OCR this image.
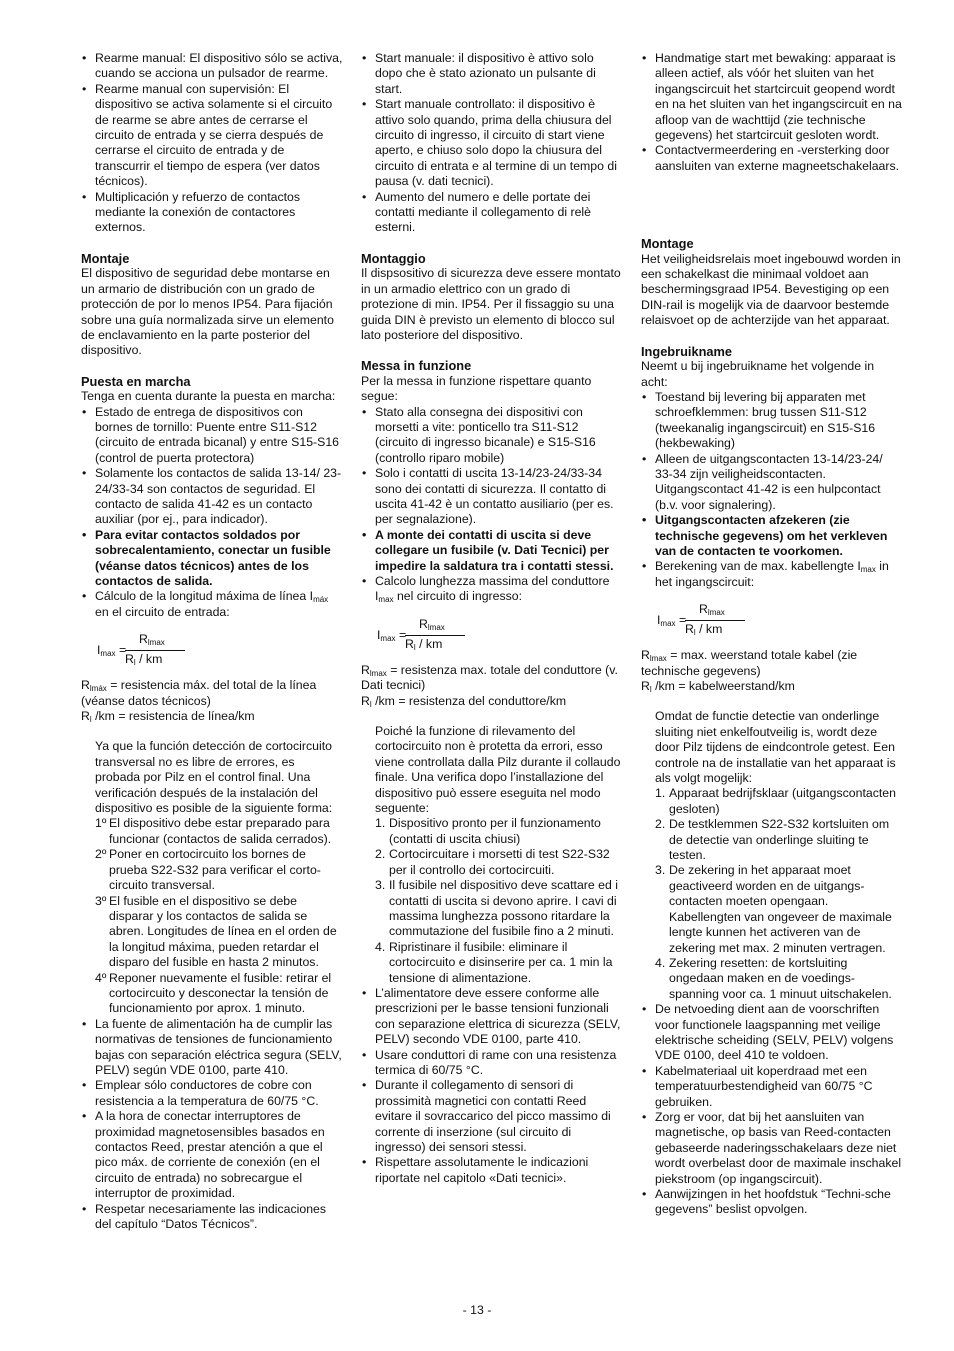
• Rearme manual: El dispositivo sólo se activa, cuando se acciona un pulsador de rearme.
• Rearme manual con supervisión: El dispositivo se activa solamente si el circuito de rearme se abre antes de cerrarse el circuito de entrada y se cierra después de cerrarse el circuito de entrada y de transcurrir el tiempo de espera (ver datos técnicos).
• Multiplicación y refuerzo de contactos mediante la conexión de contactores externos.
Montaje

El dispositivo de seguridad debe montarse en un armario de distribución con un grado de protección de por lo menos IP54. Para fijación sobre una guía normalizada sirve un elemento de enclavamiento en la parte posterior del dispositivo.

Puesta en marcha

Tenga en cuenta durante la puesta en marcha:

• Estado de entrega de dispositivos con bornes de tornillo: Puente entre S11-S12 (circuito de entrada bicanal) y entre S15-S16 (control de puerta protectora)
• Solamente los contactos de salida 13-14/ 23-24/33-34 son contactos de seguridad. El contacto de salida 41-42 es un contacto auxiliar (por ej., para indicador).
• Para evitar contactos soldados por sobrecalentamiento, conectar un fusible (véanse datos técnicos) antes de los contactos de salida.
• Cálculo de la longitud máxima de línea $I_{máx}$ en el circuito de entrada:
$I_{max}$ =
$R_{lmax}$
$R_l$ / km

$R_{lmáx}$ = resistencia máx. del total de la línea (véanse datos técnicos)

$R_l$ /km = resistencia de línea/km

Ya que la función detección de cortocircuito transversal no es libre de errores, es probada por Pilz en el control final. Una verificación después de la instalación del dispositivo es posible de la siguiente forma:

1º El dispositivo debe estar preparado para funcionar (contactos de salida cerrados).
2º Poner en cortocircuito los bornes de prueba S22-S32 para verificar el corto-circuito transversal.
3º El fusible en el dispositivo se debe disparar y los contactos de salida se abren. Longitudes de línea en el orden de la longitud máxima, pueden retardar el disparo del fusible en hasta 2 minutos.
4º Reponer nuevamente el fusible: retirar el cortocircuito y desconectar la tensión de funcionamiento por aprox. 1 minuto.
• La fuente de alimentación ha de cumplir las normativas de tensiones de funcionamiento bajas con separación eléctrica segura (SELV, PELV) según VDE 0100, parte 410.
• Emplear sólo conductores de cobre con resistencia a la temperatura de 60/75 °C.
• A la hora de conectar interruptores de proximidad magnetosensibles basados en contactos Reed, prestar atención a que el pico máx. de corriente de conexión (en el circuito de entrada) no sobrecargue el interruptor de proximidad.
• Respetar necesariamente las indicaciones del capítulo “Datos Técnicos”.
• Start manuale: il dispositivo è attivo solo dopo che è stato azionato un pulsante di start.
• Start manuale controllato: il dispositivo è attivo solo quando, prima della chiusura del circuito di ingresso, il circuito di start viene aperto, e chiuso solo dopo la chiusura del circuito di entrata e al termine di un tempo di pausa (v. dati tecnici).
• Aumento del numero e delle portate dei contatti mediante il collegamento di relè esterni.
Montaggio

Il dispsositivo di sicurezza deve essere montato in un armadio elettrico con un grado di protezione di min. IP54. Per il fissaggio su una guida DIN è previsto un elemento di blocco sul lato posteriore del dispositivo.

Messa in funzione

Per la messa in funzione rispettare quanto segue:

• Stato alla consegna dei dispositivi con morsetti a vite: ponticello tra S11-S12 (circuito di ingresso bicanale) e S15-S16 (controllo riparo mobile)
• Solo i contatti di uscita 13-14/23-24/33-34 sono dei contatti di sicurezza. Il contatto di uscita 41-42 è un contatto ausiliario (per es. per segnalazione).
• A monte dei contatti di uscita si deve collegare un fusibile (v. Dati Tecnici) per impedire la saldatura tra i contatti stessi.
• Calcolo lunghezza massima del conduttore $I_{max}$ nel circuito di ingresso:
$I_{max}$ =
$R_{lmax}$
$R_l$ / km

$R_{lmax}$ = resistenza max. totale del conduttore (v. Dati tecnici)

$R_l$ /km = resistenza del conduttore/km

Poiché la funzione di rilevamento del cortocircuito non è protetta da errori, esso viene controllata dalla Pilz durante il collaudo finale. Una verifica dopo l’installazione del dispositivo può essere eseguita nel modo seguente:

1. Dispositivo pronto per il funzionamento (contatti di uscita chiusi)
2. Cortocircuitare i morsetti di test S22-S32 per il controllo dei cortocircuiti.
3. Il fusibile nel dispositivo deve scattare ed i contatti di uscita si devono aprire. I cavi di massima lunghezza possono ritardare la commutazione del fusibile fino a 2 minuti.
4. Ripristinare il fusibile: eliminare il cortocircuito e disinserire per ca. 1 min la tensione di alimentazione.
• L’alimentatore deve essere conforme alle prescrizioni per le basse tensioni funzionali con separazione elettrica di sicurezza (SELV, PELV) secondo VDE 0100, parte 410.
• Usare conduttori di rame con una resistenza termica di 60/75 °C.
• Durante il collegamento di sensori di prossimità magnetici con contatti Reed evitare il sovraccarico del picco massimo di corrente di inserzione (sul circuito di ingresso) dei sensori stessi.
• Rispettare assolutamente le indicazioni riportate nel capitolo «Dati tecnici».
• Handmatige start met bewaking: apparaat is alleen actief, als vóór het sluiten van het ingangscircuit het startcircuit geopend wordt en na het sluiten van het ingangscircuit en na afloop van de wachttijd (zie technische gegevens) het startcircuit gesloten wordt.
• Contactvermeerdering en -versterking door aansluiten van externe magneetschakelaars.
Montage

Het veiligheidsrelais moet ingebouwd worden in een schakelkast die minimaal voldoet aan beschermingsgraad IP54. Bevestiging op een DIN-rail is mogelijk via de daarvoor bestemde relaisvoet op de achterzijde van het apparaat.

Ingebruikname

Neemt u bij ingebruikname het volgende in acht:

• Toestand bij levering bij apparaten met schroefklemmen: brug tussen S11-S12 (tweekanalig ingangscircuit) en S15-S16 (hekbewaking)
• Alleen de uitgangscontacten 13-14/23-24/ 33-34 zijn veiligheidscontacten. Uitgangscontact 41-42 is een hulpcontact (b.v. voor signalering).
• Uitgangscontacten afzekeren (zie technische gegevens) om het verkleven van de contacten te voorkomen.
• Berekening van de max. kabellengte $I_{max}$ in het ingangscircuit:
$I_{max}$ =
$R_{lmax}$
$R_l$ / km

$R_{lmax} = \max$. weerstand totale kabel (zie technische gegevens)

$R_l$ /km = kabelweerstand/km

Omdat de functie detectie van onderlinge sluiting niet enkelfoutveilig is, wordt deze door Pilz tijdens de eindcontrole getest. Een controle na de installatie van het apparaat is als volgt mogelijk:

1. Apparaat bedrijfsklaar (uitgangscontacten gesloten)
2. De testklemmen S22-S32 kortsluiten om de detectie van onderlinge sluiting te testen.
3. De zekering in het apparaat moet geactiveerd worden en de uitgangs-contacten moeten opengaan. Kabellengten van ongeveer de maximale lengte kunnen het activeren van de zekering met max. 2 minuten vertragen.
4. Zekering resetten: de kortsluiting ongedaan maken en de voedings-spanning voor ca. 1 minuut uitschakelen.
• De netvoeding dient aan de voorschriften voor functionele laagspanning met veilige elektrische scheiding (SELV, PELV) volgens VDE 0100, deel 410 te voldoen.
• Kabelmateriaal uit koperdraad met een temperatuurbestendigheid van 60/75 °C gebruiken.
• Zorg er voor, dat bij het aansluiten van magnetische, op basis van Reed-contacten gebaseerde naderingsschakelaars deze niet wordt overbelast door de maximale inschakel piekstroom (op ingangscircuit).
• Aanwijzingen in het hoofdstuk “Techni-sche gegevens” beslist opvolgen.
- 13 -
